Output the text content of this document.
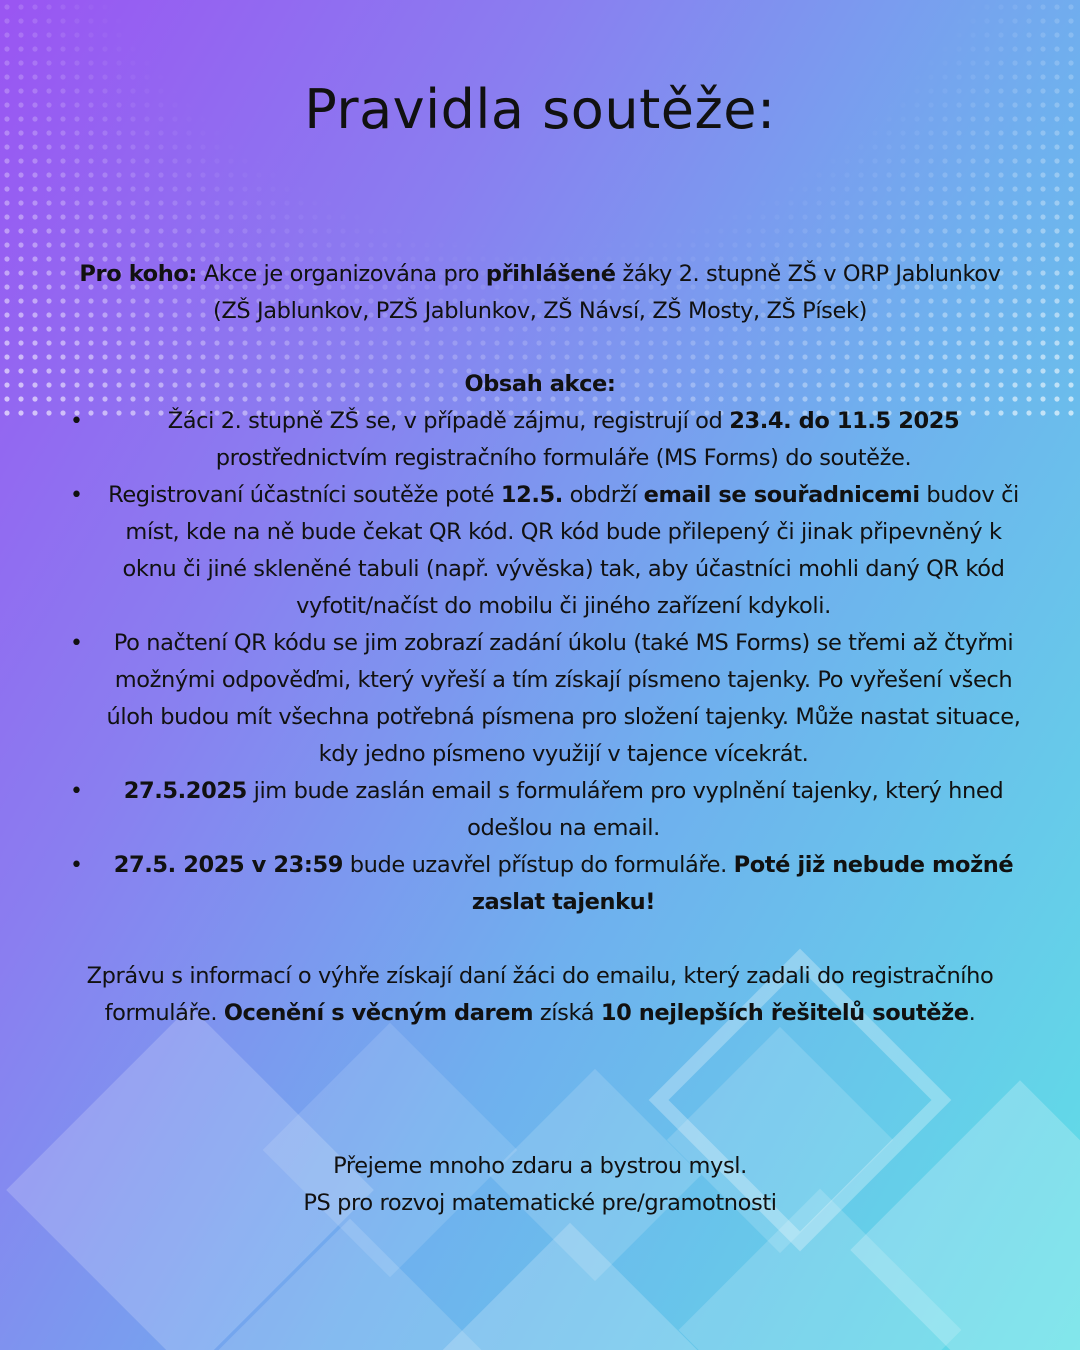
Pravidla soutěže:
Pro koho: Akce je organizována pro přihlášené žáky 2. stupně ZŠ v ORP Jablunkov (ZŠ Jablunkov, PZŠ Jablunkov, ZŠ Návsí, ZŠ Mosty, ZŠ Písek)
Obsah akce:
•	Žáci 2. stupně ZŠ se, v případě zájmu, registrují od 23.4. do 11.5 2025 prostřednictvím registračního formuláře (MS Forms) do soutěže.
• Registrovaní účastníci soutěže poté 12.5. obdrží email se souřadnicemi budov či míst, kde na ně bude čekat QR kód. QR kód bude přilepený či jinak připevněný k oknu či jiné skleněné tabuli (např. vývěska) tak, aby účastníci mohli daný QR kód vyfotit/načíst do mobilu či jiného zařízení kdykoli.
• Po načtení QR kódu se jim zobrazí zadání úkolu (také MS Forms) se třemi až čtyřmi možnými odpověďmi, který vyřeší a tím získají písmeno tajenky. Po vyřešení všech úloh budou mít všechna potřebná písmena pro složení tajenky. Může nastat situace, kdy jedno písmeno využijí v tajence vícekrát.
• 27.5.2025 jim bude zaslán email s formulářem pro vyplnění tajenky, který hned odešlou na email.
• 27.5. 2025 v 23:59 bude uzavřel přístup do formuláře. Poté již nebude možné zaslat tajenku!
Zprávu s informací o výhře získají daní žáci do emailu, který zadali do registračního formuláře. Ocenění s věcným darem získá 10 nejlepších řešitelů soutěže.
Přejeme mnoho zdaru a bystrou mysl.
PS pro rozvoj matematické pre/gramotnosti
